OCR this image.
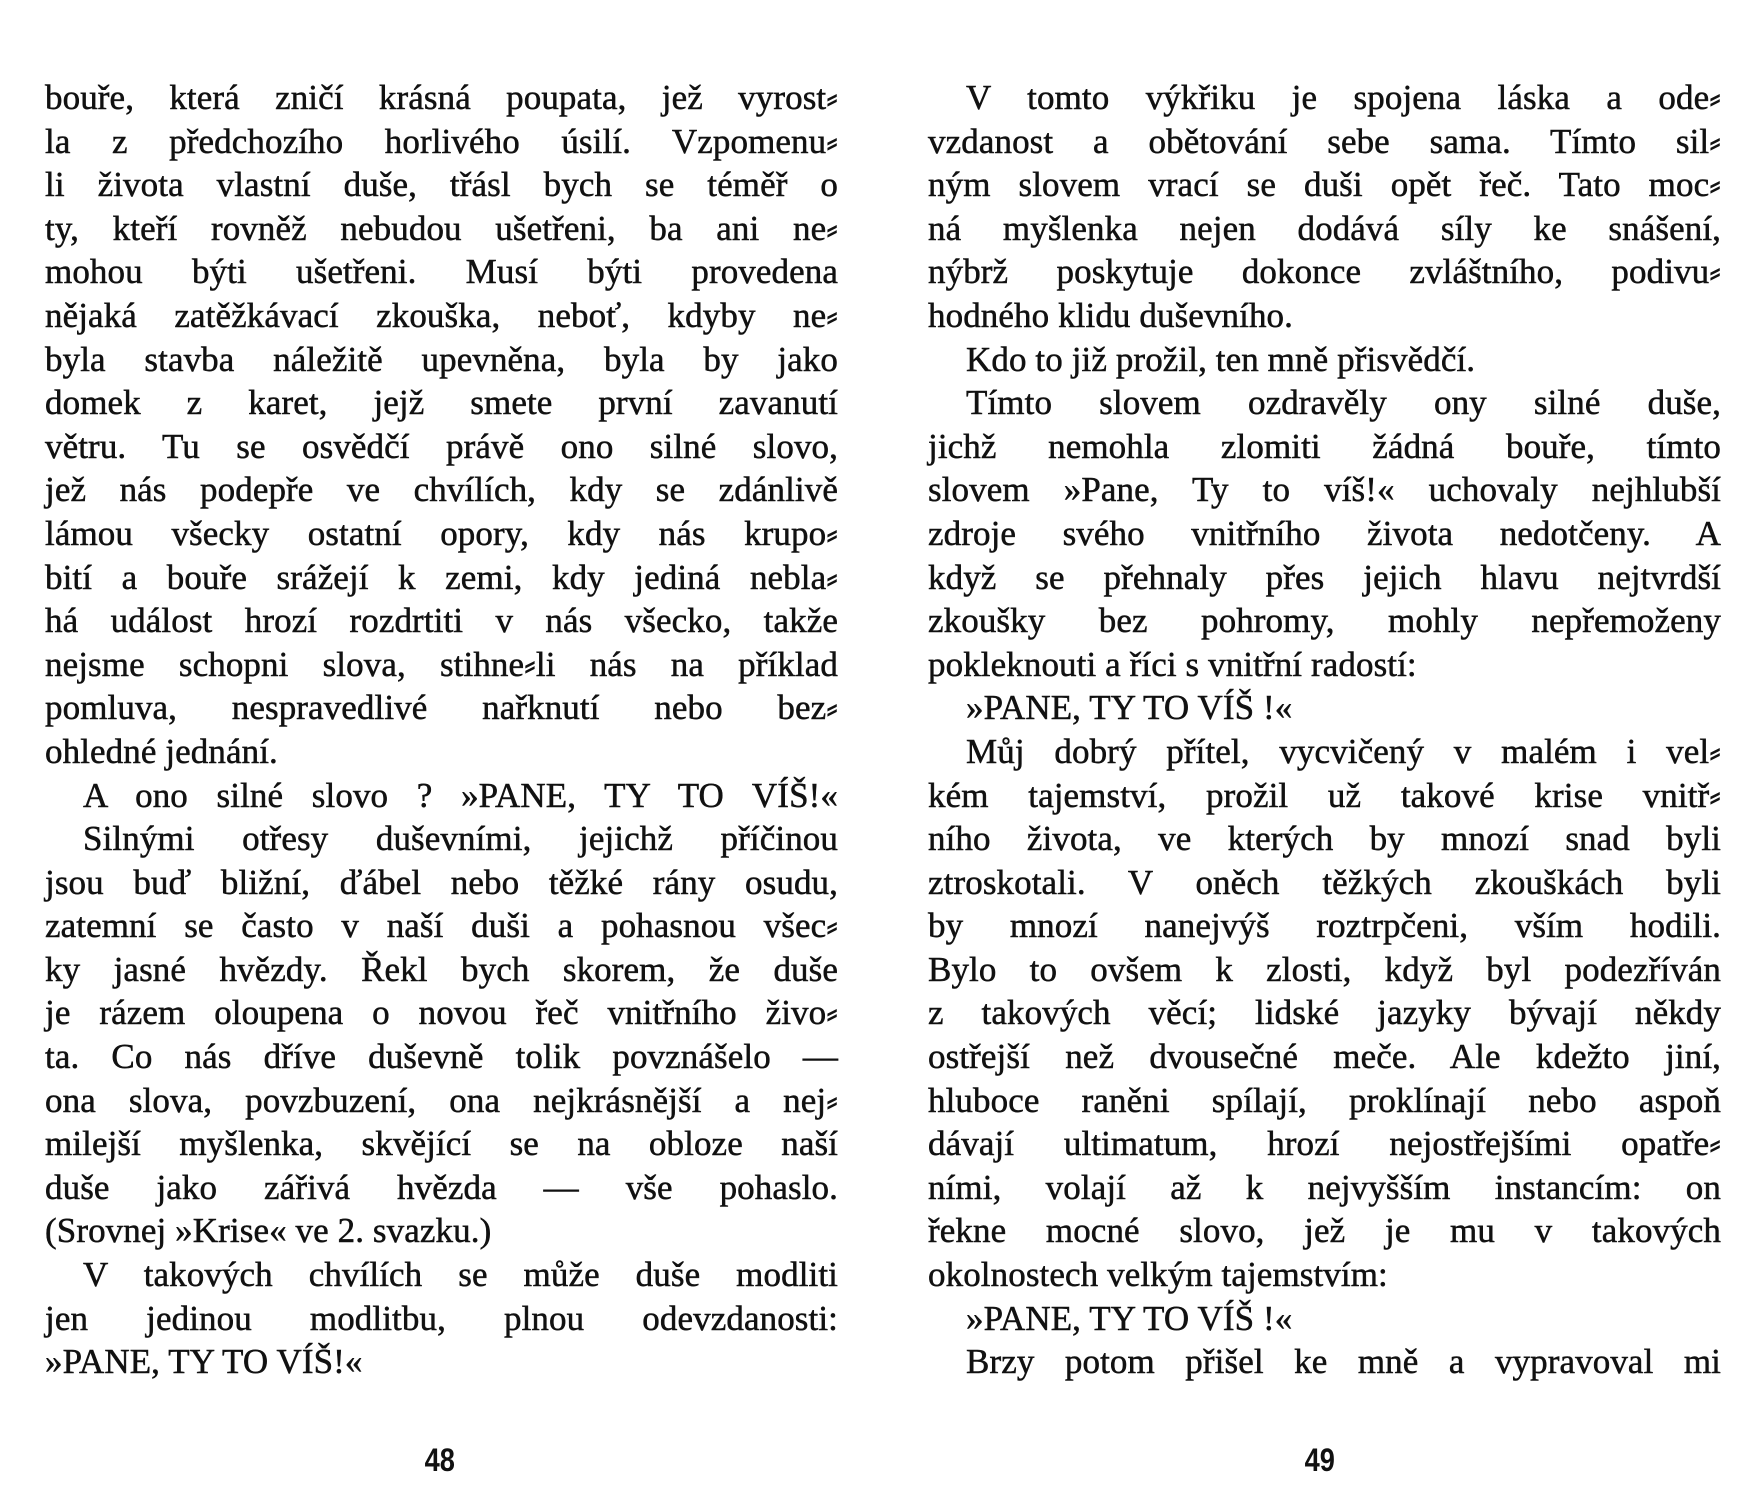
bouře, která zničí krásná poupata, jež vyrost⸗
la z předchozího horlivého úsilí. Vzpomenu⸗
li života vlastní duše, třásl bych se téměř o
ty, kteří rovněž nebudou ušetřeni, ba ani ne⸗
mohou býti ušetřeni. Musí býti provedena
nějaká zatěžkávací zkouška, neboť, kdyby ne⸗
byla stavba náležitě upevněna, byla by jako
domek z karet, jejž smete první zavanutí
větru. Tu se osvědčí právě ono silné slovo,
jež nás podepře ve chvílích, kdy se zdánlivě
lámou všecky ostatní opory, kdy nás krupo⸗
bití a bouře srážejí k zemi, kdy jediná nebla⸗
há událost hrozí rozdrtiti v nás všecko, takže
nejsme schopni slova, stihne⸗li nás na příklad
pomluva, nespravedlivé nařknutí nebo bez⸗
ohledné jednání.
A ono silné slovo ? »PANE, TY TO VÍŠ!«
Silnými otřesy duševními, jejichž příčinou
jsou buď bližní, ďábel nebo těžké rány osudu,
zatemní se často v naší duši a pohasnou všec⸗
ky jasné hvězdy. Řekl bych skorem, že duše
je rázem oloupena o novou řeč vnitřního živo⸗
ta. Co nás dříve duševně tolik povznášelo —
ona slova, povzbuzení, ona nejkrásnější a nej⸗
milejší myšlenka, skvějící se na obloze naší
duše jako zářivá hvězda — vše pohaslo.
(Srovnej »Krise« ve 2. svazku.)
V takových chvílích se může duše modliti
jen jedinou modlitbu, plnou odevzdanosti:
»PANE, TY TO VÍŠ!«
V tomto výkřiku je spojena láska a ode⸗
vzdanost a obětování sebe sama. Tímto sil⸗
ným slovem vrací se duši opět řeč. Tato moc⸗
ná myšlenka nejen dodává síly ke snášení,
nýbrž poskytuje dokonce zvláštního, podivu⸗
hodného klidu duševního.
Kdo to již prožil, ten mně přisvědčí.
Tímto slovem ozdravěly ony silné duše,
jichž nemohla zlomiti žádná bouře, tímto
slovem »Pane, Ty to víš!« uchovaly nejhlubší
zdroje svého vnitřního života nedotčeny. A
když se přehnaly přes jejich hlavu nejtvrdší
zkoušky bez pohromy, mohly nepřemoženy
pokleknouti a říci s vnitřní radostí:
»PANE, TY TO VÍŠ !«
Můj dobrý přítel, vycvičený v malém i vel⸗
kém tajemství, prožil už takové krise vnitř⸗
ního života, ve kterých by mnozí snad byli
ztroskotali. V oněch těžkých zkouškách byli
by mnozí nanejvýš roztrpčeni, vším hodili.
Bylo to ovšem k zlosti, když byl podezříván
z takových věcí; lidské jazyky bývají někdy
ostřejší než dvousečné meče. Ale kdežto jiní,
hluboce raněni spílají, proklínají nebo aspoň
dávají ultimatum, hrozí nejostřejšími opatře⸗
ními, volají až k nejvyšším instancím: on
řekne mocné slovo, jež je mu v takových
okolnostech velkým tajemstvím:
»PANE, TY TO VÍŠ !«
Brzy potom přišel ke mně a vypravoval mi
48	49
